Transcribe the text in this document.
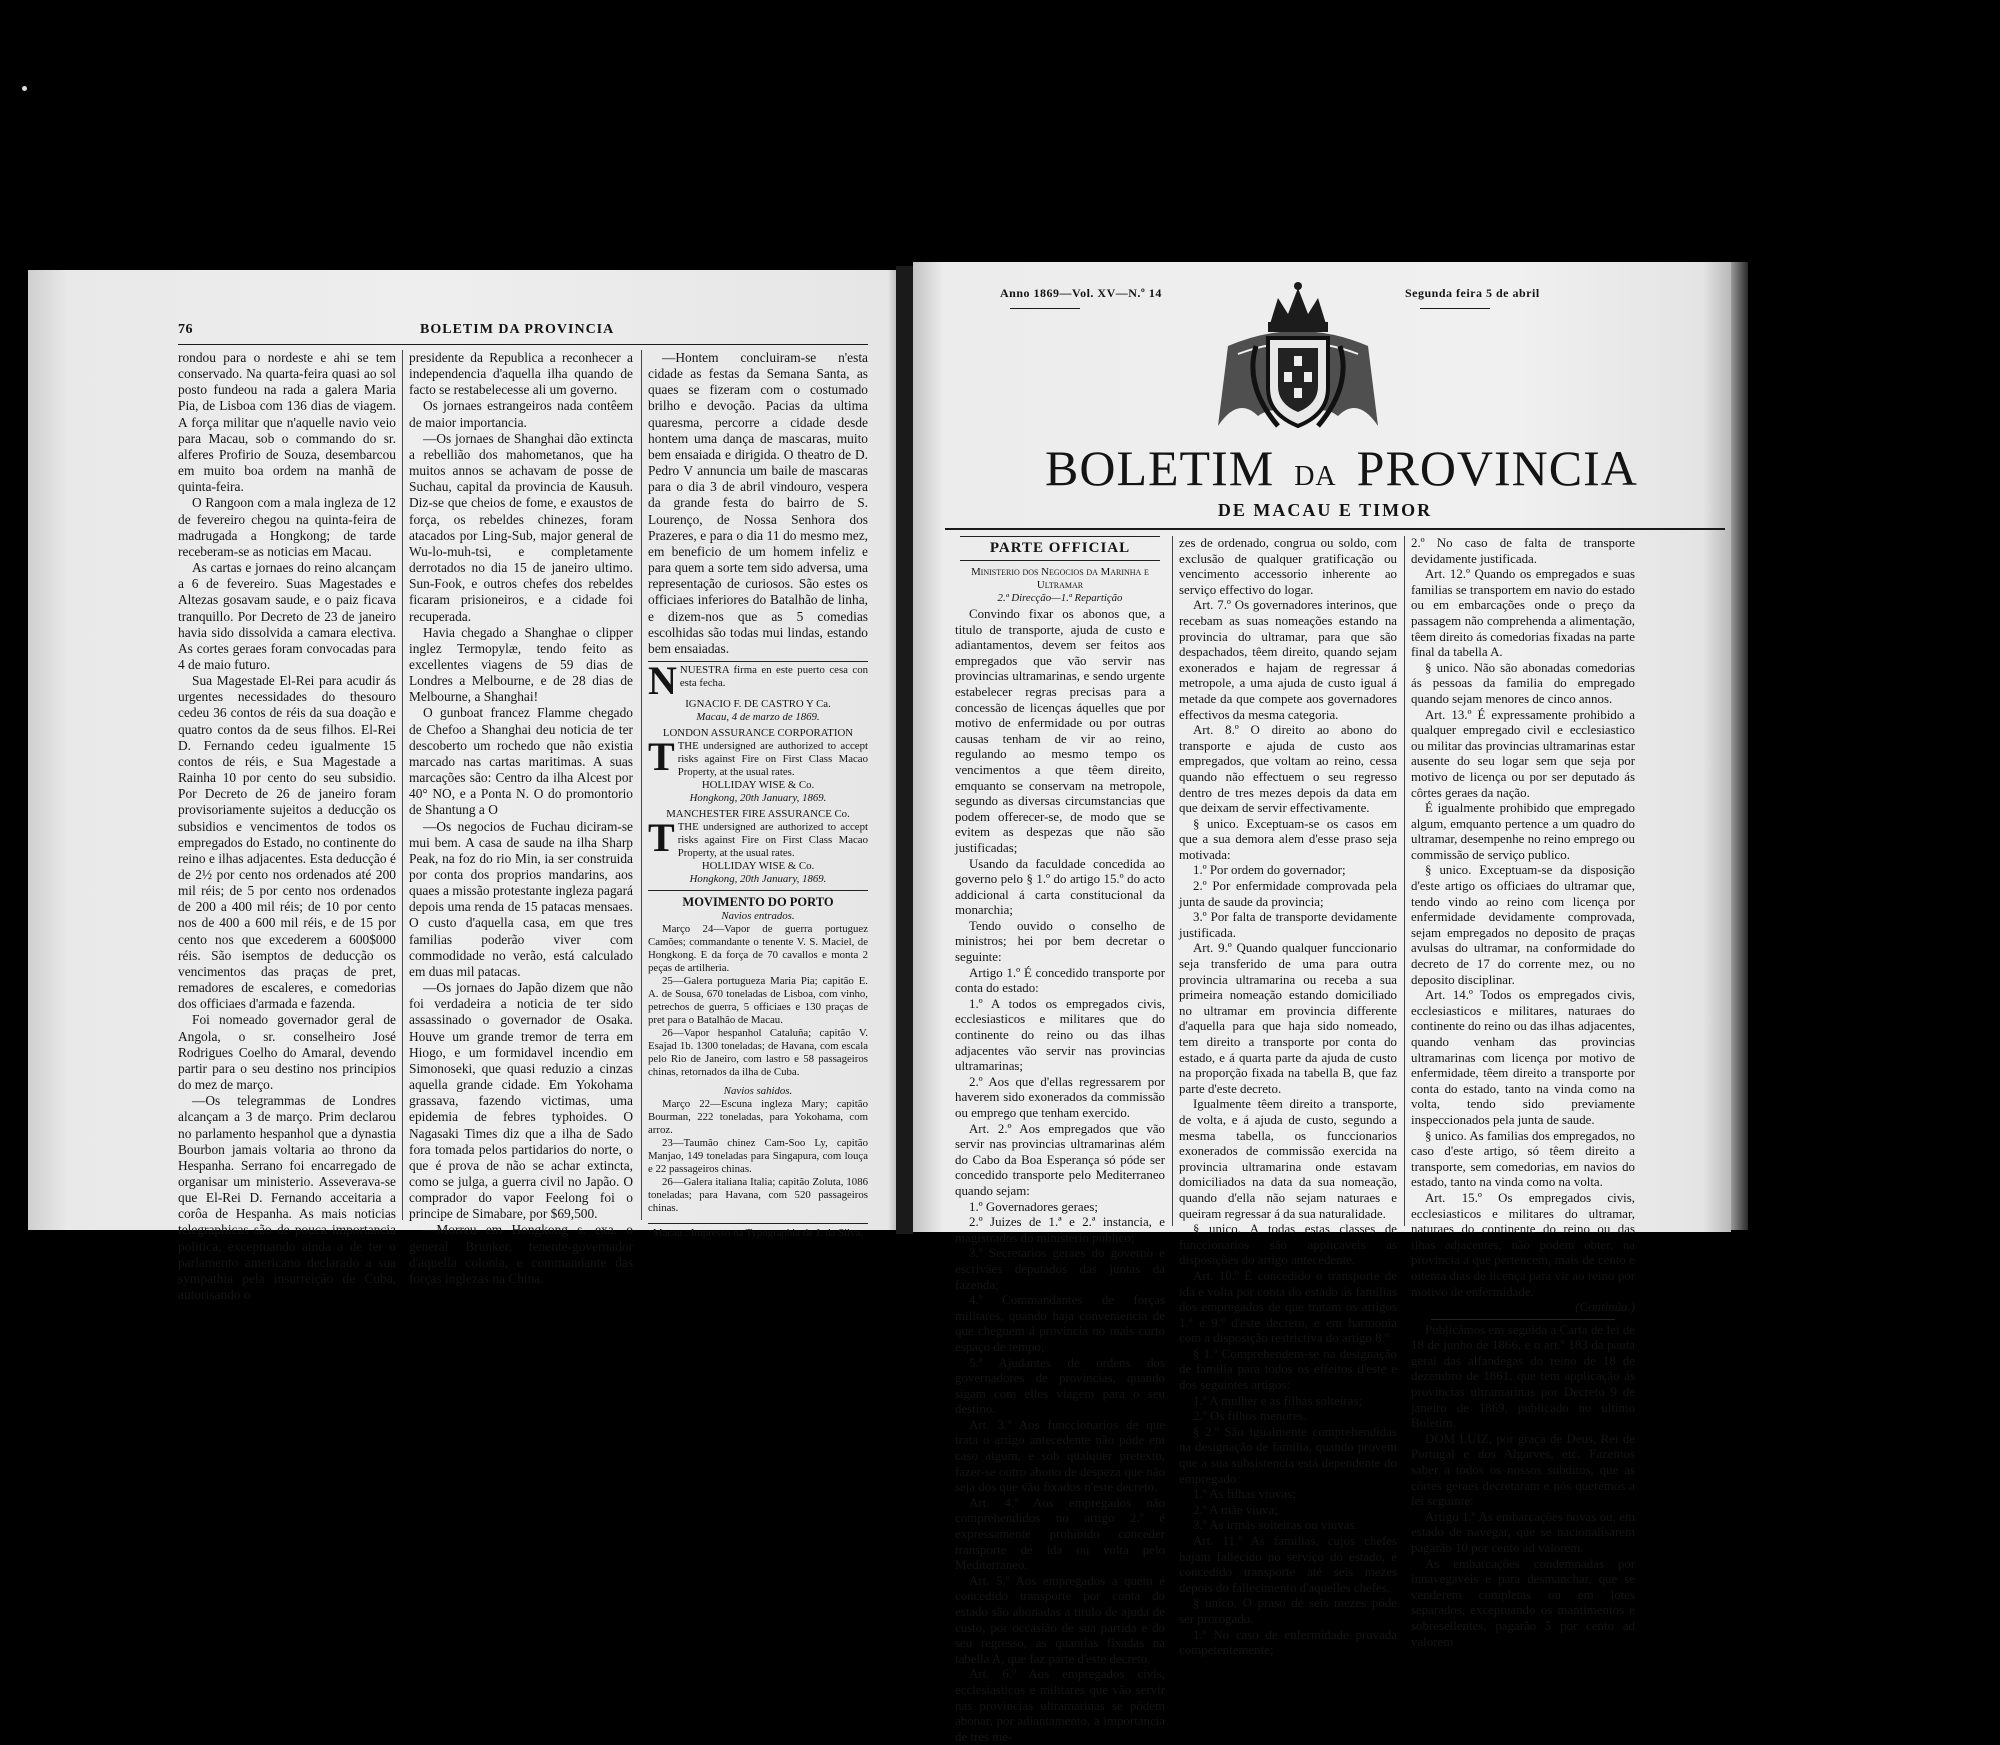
76	BOLETIM DA PROVINCIA

rondou para o nordeste e ahi se tem conservado. Na quarta-feira quasi ao sol posto fundeou na rada a galera Maria Pia, de Lisboa com 136 dias de viagem. A força militar que n'aquelle navio veio para Macau, sob o commando do sr. alferes Profirio de Souza, desembarcou em muito boa ordem na manhã de quinta-feira.

O Rangoon com a mala ingleza de 12 de fevereiro chegou na quinta-feira de madrugada a Hongkong; de tarde receberam-se as noticias em Macau.

As cartas e jornaes do reino alcançam a 6 de fevereiro. Suas Magestades e Altezas gosavam saude, e o paiz ficava tranquillo. Por Decreto de 23 de janeiro havia sido dissolvida a camara electiva. As cortes geraes foram convocadas para 4 de maio futuro.

Sua Magestade El-Rei para acudir ás urgentes necessidades do thesouro cedeu 36 contos de réis da sua doação e quatro contos da de seus filhos. El-Rei D. Fernando cedeu igualmente 15 contos de réis, e Sua Magestade a Rainha 10 por cento do seu subsidio. Por Decreto de 26 de janeiro foram provisoriamente sujeitos a deducção os subsidios e vencimentos de todos os empregados do Estado, no continente do reino e ilhas adjacentes. Esta deducção é de 2½ por cento nos ordenados até 200 mil réis; de 5 por cento nos ordenados de 200 a 400 mil réis; de 10 por cento nos de 400 a 600 mil réis, e de 15 por cento nos que excederem a 600$000 réis. São isemptos de deducção os vencimentos das praças de pret, remadores de escaleres, e comedorias dos officiaes d'armada e fazenda.

Foi nomeado governador geral de Angola, o sr. conselheiro José Rodrigues Coelho do Amaral, devendo partir para o seu destino nos principios do mez de março.

—Os telegrammas de Londres alcançam a 3 de março. Prim declarou no parlamento hespanhol que a dynastia Bourbon jamais voltaria ao throno da Hespanha. Serrano foi encarregado de organisar um ministerio. Asseverava-se que El-Rei D. Fernando acceitaria a corôa de Hespanha. As mais noticias telegraphicas são de pouca importancia politica, exceptuando ainda a de ter o parlamento americano declarado a sua sympathia pela insurreição de Cuba, autorisando o

presidente da Republica a reconhecer a independencia d'aquella ilha quando de facto se restabelecesse ali um governo.

Os jornaes estrangeiros nada contêem de maior importancia.

—Os jornaes de Shanghai dão extincta a rebellião dos mahometanos, que ha muitos annos se achavam de posse de Suchau, capital da provincia de Kausuh. Diz-se que cheios de fome, e exaustos de força, os rebeldes chinezes, foram atacados por Ling-Sub, major general de Wu-lo-muh-tsi, e completamente derrotados no dia 15 de janeiro ultimo. Sun-Fook, e outros chefes dos rebeldes ficaram prisioneiros, e a cidade foi recuperada.

Havia chegado a Shanghae o clipper inglez Termopylæ, tendo feito as excellentes viagens de 59 dias de Londres a Melbourne, e de 28 dias de Melbourne, a Shanghai!

O gunboat francez Flamme chegado de Chefoo a Shanghai deu noticia de ter descoberto um rochedo que não existia marcado nas cartas maritimas. A suas marcações são: Centro da ilha Alcest por 40° NO, e a Ponta N. O do promontorio de Shantung a O

—Os negocios de Fuchau diciram-se mui bem. A casa de saude na ilha Sharp Peak, na foz do rio Min, ia ser construida por conta dos proprios mandarins, aos quaes a missão protestante ingleza pagará depois uma renda de 15 patacas mensaes. O custo d'aquella casa, em que tres familias poderão viver com commodidade no verão, está calculado em duas mil patacas.

—Os jornaes do Japão dizem que não foi verdadeira a noticia de ter sido assassinado o governador de Osaka. Houve um grande tremor de terra em Hiogo, e um formidavel incendio em Simonoseki, que quasi reduzio a cinzas aquella grande cidade. Em Yokohama grassava, fazendo victimas, uma epidemia de febres typhoides. O Nagasaki Times diz que a ilha de Sado fora tomada pelos partidarios do norte, o que é prova de não se achar extincta, como se julga, a guerra civil no Japão. O comprador do vapor Feelong foi o principe de Simabare, por $69,500.

—Morreu em Hongkong s. exa. o general Brunker, tenente-governador d'aquella colonia, e commandante das forças inglezas na China.

—Hontem concluiram-se n'esta cidade as festas da Semana Santa, as quaes se fizeram com o costumado brilho e devoção. Pacias da ultima quaresma, percorre a cidade desde hontem uma dança de mascaras, muito bem ensaiada e dirigida. O theatro de D. Pedro V annuncia um baile de mascaras para o dia 3 de abril vindouro, vespera da grande festa do bairro de S. Lourenço, de Nossa Senhora dos Prazeres, e para o dia 11 do mesmo mez, em beneficio de um homem infeliz e para quem a sorte tem sido adversa, uma representação de curiosos. São estes os officiaes inferiores do Batalhão de linha, e dizem-nos que as 5 comedias escolhidas são todas mui lindas, estando bem ensaiadas.

NNUESTRA firma en este puerto cesa con esta fecha.

IGNACIO F. DE CASTRO Y Ca.

Macau, 4 de marzo de 1869.

LONDON ASSURANCE CORPORATION

TTHE undersigned are authorized to accept risks against Fire on First Class Macao Property, at the usual rates.

HOLLIDAY WISE & Co.

Hongkong, 20th January, 1869.

MANCHESTER FIRE ASSURANCE Co.

TTHE undersigned are authorized to accept risks against Fire on First Class Macao Property, at the usual rates.

HOLLIDAY WISE & Co.

Hongkong, 20th January, 1869.

MOVIMENTO DO PORTO

Navios entrados.

Março 24—Vapor de guerra portuguez Camões; commandante o tenente V. S. Maciel, de Hongkong. E da força de 70 cavallos e monta 2 peças de artilheria.

25—Galera portugueza Maria Pia; capitão E. A. de Sousa, 670 toneladas de Lisboa, com vinho, petrechos de guerra, 5 officiaes e 130 praças de pret para o Batalhão de Macau.

26—Vapor hespanhol Cataluña; capitão V. Esajad 1b. 1300 toneladas; de Havana, com escala pelo Rio de Janeiro, com lastro e 58 passageiros chinas, retornados da ilha de Cuba.

Navios sahidos.

Março 22—Escuna ingleza Mary; capitão Bourman, 222 toneladas, para Yokohama, com arroz.

23—Taumão chinez Cam-Soo Ly, capitão Manjao, 149 toneladas para Singapura, com louça e 22 passageiros chinas.

26—Galera italiana Italia; capitão Zoluta, 1086 toneladas; para Havana, com 520 passageiros chinas.

Macau : Impresso na Typographia de J. da Silva.

Anno 1869—Vol. XV—N.º 14	Segunda feira 5 de abril
BOLETIM DA PROVINCIA
DE MACAU E TIMOR
PARTE OFFICIAL

Ministerio dos Negocios da Marinha e Ultramar

2.ª Direcção—1.ª Repartição

Convindo fixar os abonos que, a titulo de transporte, ajuda de custo e adiantamentos, devem ser feitos aos empregados que vão servir nas provincias ultramarinas, e sendo urgente estabelecer regras precisas para a concessão de licenças áquelles que por motivo de enfermidade ou por outras causas tenham de vir ao reino, regulando ao mesmo tempo os vencimentos a que têem direito, emquanto se conservam na metropole, segundo as diversas circumstancias que podem offerecer-se, de modo que se evitem as despezas que não são justificadas;

Usando da faculdade concedida ao governo pelo § 1.º do artigo 15.º do acto addicional á carta constitucional da monarchia;

Tendo ouvido o conselho de ministros; hei por bem decretar o seguinte:

Artigo 1.º É concedido transporte por conta do estado:

1.º A todos os empregados civis, ecclesiasticos e militares que do continente do reino ou das ilhas adjacentes vão servir nas provincias ultramarinas;

2.º Aos que d'ellas regressarem por haverem sido exonerados da commissão ou emprego que tenham exercido.

Art. 2.º Aos empregados que vão servir nas provincias ultramarinas além do Cabo da Boa Esperança só póde ser concedido transporte pelo Mediterraneo quando sejam:

1.º Governadores geraes;

2.º Juizes de 1.ª e 2.ª instancia, e magistrados do ministerio publico;

3.º Secretarios geraes do governo e escrivães deputados das juntas da fazenda;

4.º Commandantes de forças militares, quando haja conveniencia de que cheguem á provincia no mais curto espaço de tempo;

5.º Ajudantes de ordens dos governadores de provincias, quando sigam com elles viagem para o seu destino.

Art. 3.º Aos funccionarios de que trata o artigo antecedente não póde em caso algum, e sob qualquer pretexto, fazer-se outro abono de despeza que não seja dos que vão fixados n'este decreto.

Art. 4.º Aos empregados não comprehendidos no artigo 2.º é expressamente prohibido conceder transporte de ida ou volta pelo Mediterraneo.

Art. 5.º Aos empregados a quem é concedido transporte por conta do estado são abonadas a titulo de ajuda de custo, por occasião de sua partida e do seu regresso, as quantias fixadas na tabella A, que faz parte d'este decreto.

Art. 6.º Aos empregados civis, ecclesiasticos e militares que vão servir nas provincias ultramarinas se pódem abonar, por adiantamento, a importancia de tres me-

zes de ordenado, congrua ou soldo, com exclusão de qualquer gratificação ou vencimento accessorio inherente ao serviço effectivo do logar.

Art. 7.º Os governadores interinos, que recebam as suas nomeações estando na provincia do ultramar, para que são despachados, têem direito, quando sejam exonerados e hajam de regressar á metropole, a uma ajuda de custo igual á metade da que compete aos governadores effectivos da mesma categoria.

Art. 8.º O direito ao abono do transporte e ajuda de custo aos empregados, que voltam ao reino, cessa quando não effectuem o seu regresso dentro de tres mezes depois da data em que deixam de servir effectivamente.

§ unico. Exceptuam-se os casos em que a sua demora alem d'esse praso seja motivada:

1.º Por ordem do governador;

2.º Por enfermidade comprovada pela junta de saude da provincia;

3.º Por falta de transporte devidamente justificada.

Art. 9.º Quando qualquer funccionario seja transferido de uma para outra provincia ultramarina ou receba a sua primeira nomeação estando domiciliado no ultramar em provincia differente d'aquella para que haja sido nomeado, tem direito a transporte por conta do estado, e á quarta parte da ajuda de custo na proporção fixada na tabella B, que faz parte d'este decreto.

Igualmente têem direito a transporte, de volta, e á ajuda de custo, segundo a mesma tabella, os funccionarios exonerados de commissão exercida na provincia ultramarina onde estavam domiciliados na data da sua nomeação, quando d'ella não sejam naturaes e queiram regressar á da sua naturalidade.

§ unico. A todas estas classes de funccionarios são applicaveis as disposições do artigo antecedente.

Art. 10.º É concedido o transporte de ida e volta por conta do estado ás familias dos empregados de que tratam os artigos 1.º e 9.º d'este decreto, e em harmonia com a disposição restrictiva do artigo 8.º

§ 1.º Comprehendem-se na designação de familia para todos os effeitos d'este e dos seguintes artigos:

1.º A mulher e as filhas solteiras;

2.º Os filhos menores.

§ 2.º São igualmente comprehendidas na designação de familia, quando provem que a sua subsistencia está dependente do empregado:

1.º As filhas viuvas;

2.º A mãe viuva;

3.º As irmãs solteiras ou viuvas.

Art. 11.º As familias, cujos chefes hajam fallecido no serviço do estado, é concedido transporte até seis mezes depois do fallecimento d'aquelles chefes.

§ unico. O praso de seis mezes póde ser prorogado.

1.º No caso de enfermidade provada competentemente;

2.º No caso de falta de transporte devidamente justificada.

Art. 12.º Quando os empregados e suas familias se transportem em navio do estado ou em embarcações onde o preço da passagem não comprehenda a alimentação, têem direito ás comedorias fixadas na parte final da tabella A.

§ unico. Não são abonadas comedorias ás pessoas da familia do empregado quando sejam menores de cinco annos.

Art. 13.º É expressamente prohibido a qualquer empregado civil e ecclesiastico ou militar das provincias ultramarinas estar ausente do seu logar sem que seja por motivo de licença ou por ser deputado ás côrtes geraes da nação.

É igualmente prohibido que empregado algum, emquanto pertence a um quadro do ultramar, desempenhe no reino emprego ou commissão de serviço publico.

§ unico. Exceptuam-se da disposição d'este artigo os officiaes do ultramar que, tendo vindo ao reino com licença por enfermidade devidamente comprovada, sejam empregados no deposito de praças avulsas do ultramar, na conformidade do decreto de 17 do corrente mez, ou no deposito disciplinar.

Art. 14.º Todos os empregados civis, ecclesiasticos e militares, naturaes do continente do reino ou das ilhas adjacentes, quando venham das provincias ultramarinas com licença por motivo de enfermidade, têem direito a transporte por conta do estado, tanto na vinda como na volta, tendo sido previamente inspeccionados pela junta de saude.

§ unico. As familias dos empregados, no caso d'este artigo, só têem direito a transporte, sem comedorias, em navios do estado, tanto na vinda como na volta.

Art. 15.º Os empregados civis, ecclesiasticos e militares do ultramar, naturaes do continente do reino ou das ilhas adjacentes, não podem obter, na provincia a que pertencem, mais de cento e oitenta dias de licença para vir ao reino por motivo de enfermidade.

(Continúa.)

Publicâmos em seguida a Carta de lei de 18 de junho de 1866, e o art.º 183 da pauta geral das alfandegas do reino de 18 de dezembro de 1861, que tem applicação ás provincias ultramarinas por Decreto 9 de janeiro de 1869, publicado no ultimo Boletim.

DOM LUIZ, por graça de Deus, Rei de Portugal e dos Algarves, etc. Fazemos saber a todos os nossos subditos, que as côrtes geraes decretaram e nós queremos a lei seguinte:

Artigo 1.º As embarcações novas ou, em estado de navegar, que se nacionalisarem pagarão 10 por cento ad valorem.

As embarcações condemnadas por innavegaveis e para desmanchar, que se venderem completas ou em lotes separados, exceptuando os mantimentos e sobresellentes, pagarão 5 por cento ad valorem
